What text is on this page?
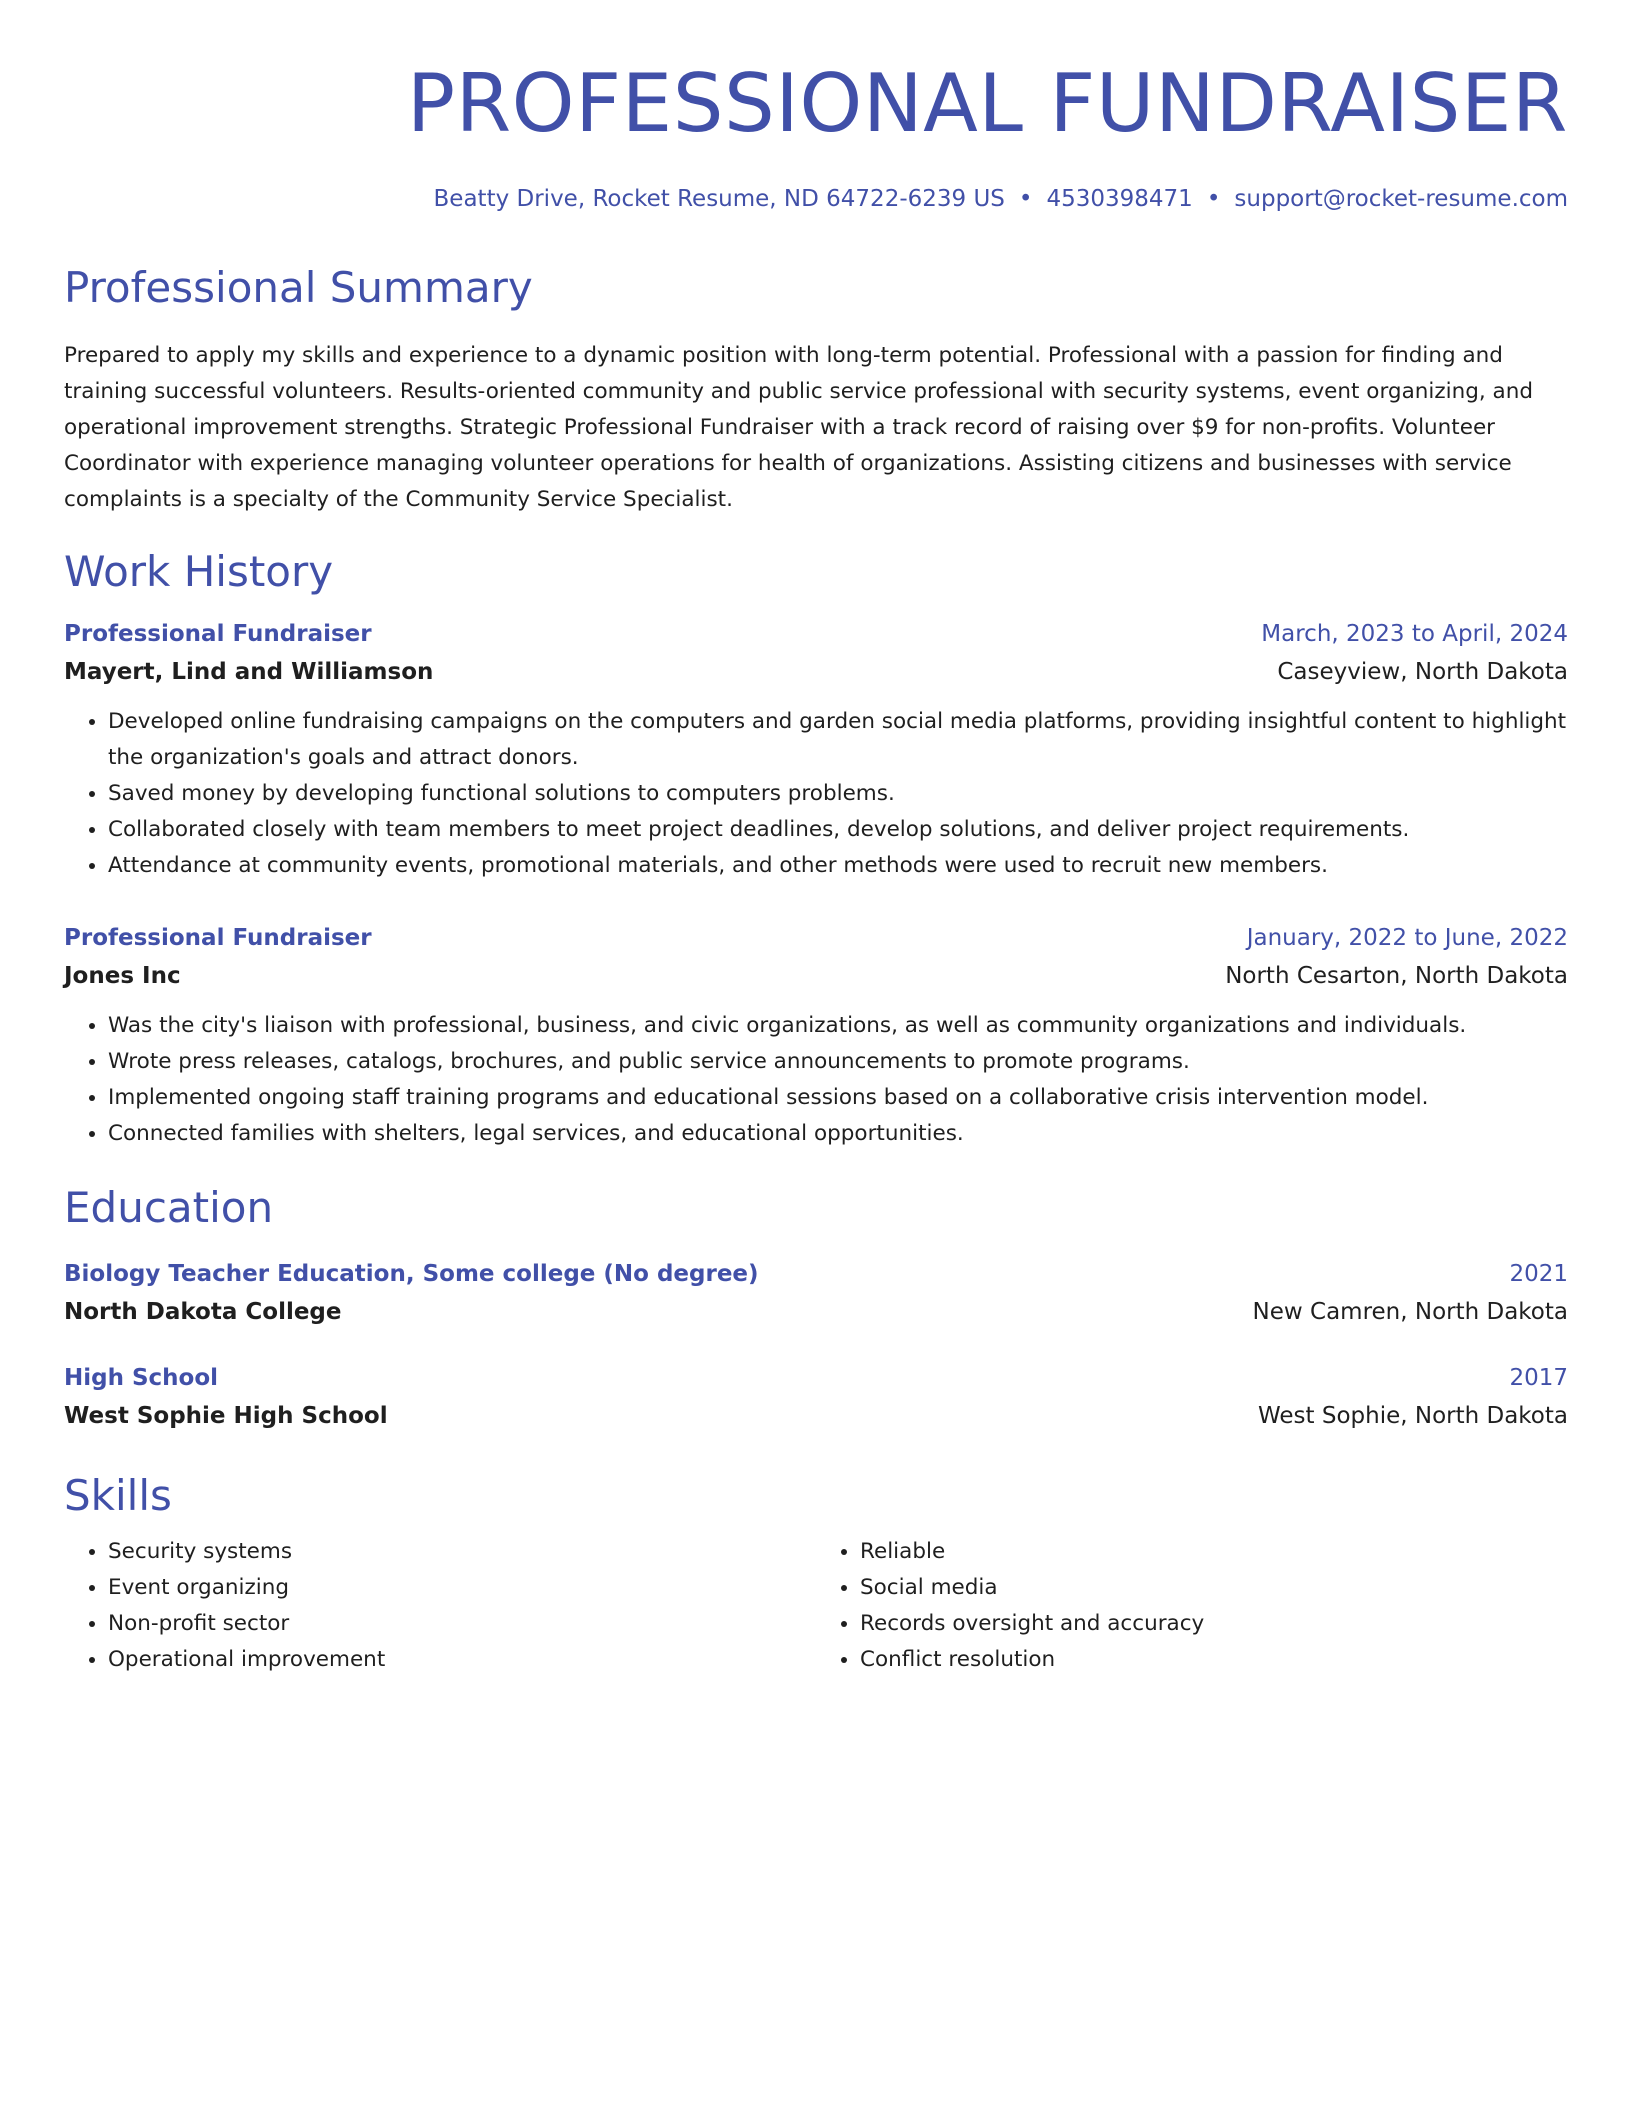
PROFESSIONAL FUNDRAISER
Beatty Drive, Rocket Resume, ND 64722-6239 US • 4530398471 • support@rocket-resume.com
Professional Summary
Prepared to apply my skills and experience to a dynamic position with long-term potential. Professional with a passion for finding and training successful volunteers. Results-oriented community and public service professional with security systems, event organizing, and operational improvement strengths. Strategic Professional Fundraiser with a track record of raising over $9 for non-profits. Volunteer Coordinator with experience managing volunteer operations for health of organizations. Assisting citizens and businesses with service complaints is a specialty of the Community Service Specialist.
Work History
Professional Fundraiser	March, 2023 to April, 2024
Mayert, Lind and Williamson	Caseyview, North Dakota
• Developed online fundraising campaigns on the computers and garden social media platforms, providing insightful content to highlight the organization's goals and attract donors.
• Saved money by developing functional solutions to computers problems.
• Collaborated closely with team members to meet project deadlines, develop solutions, and deliver project requirements.
• Attendance at community events, promotional materials, and other methods were used to recruit new members.
Professional Fundraiser	January, 2022 to June, 2022
Jones Inc	North Cesarton, North Dakota
• Was the city's liaison with professional, business, and civic organizations, as well as community organizations and individuals.
• Wrote press releases, catalogs, brochures, and public service announcements to promote programs.
• Implemented ongoing staff training programs and educational sessions based on a collaborative crisis intervention model.
• Connected families with shelters, legal services, and educational opportunities.
Education
Biology Teacher Education, Some college (No degree)	2021
North Dakota College	New Camren, North Dakota
High School	2017
West Sophie High School	West Sophie, North Dakota
Skills
• Security systems
• Event organizing
• Non-profit sector
• Operational improvement
• Reliable
• Social media
• Records oversight and accuracy
• Conflict resolution
